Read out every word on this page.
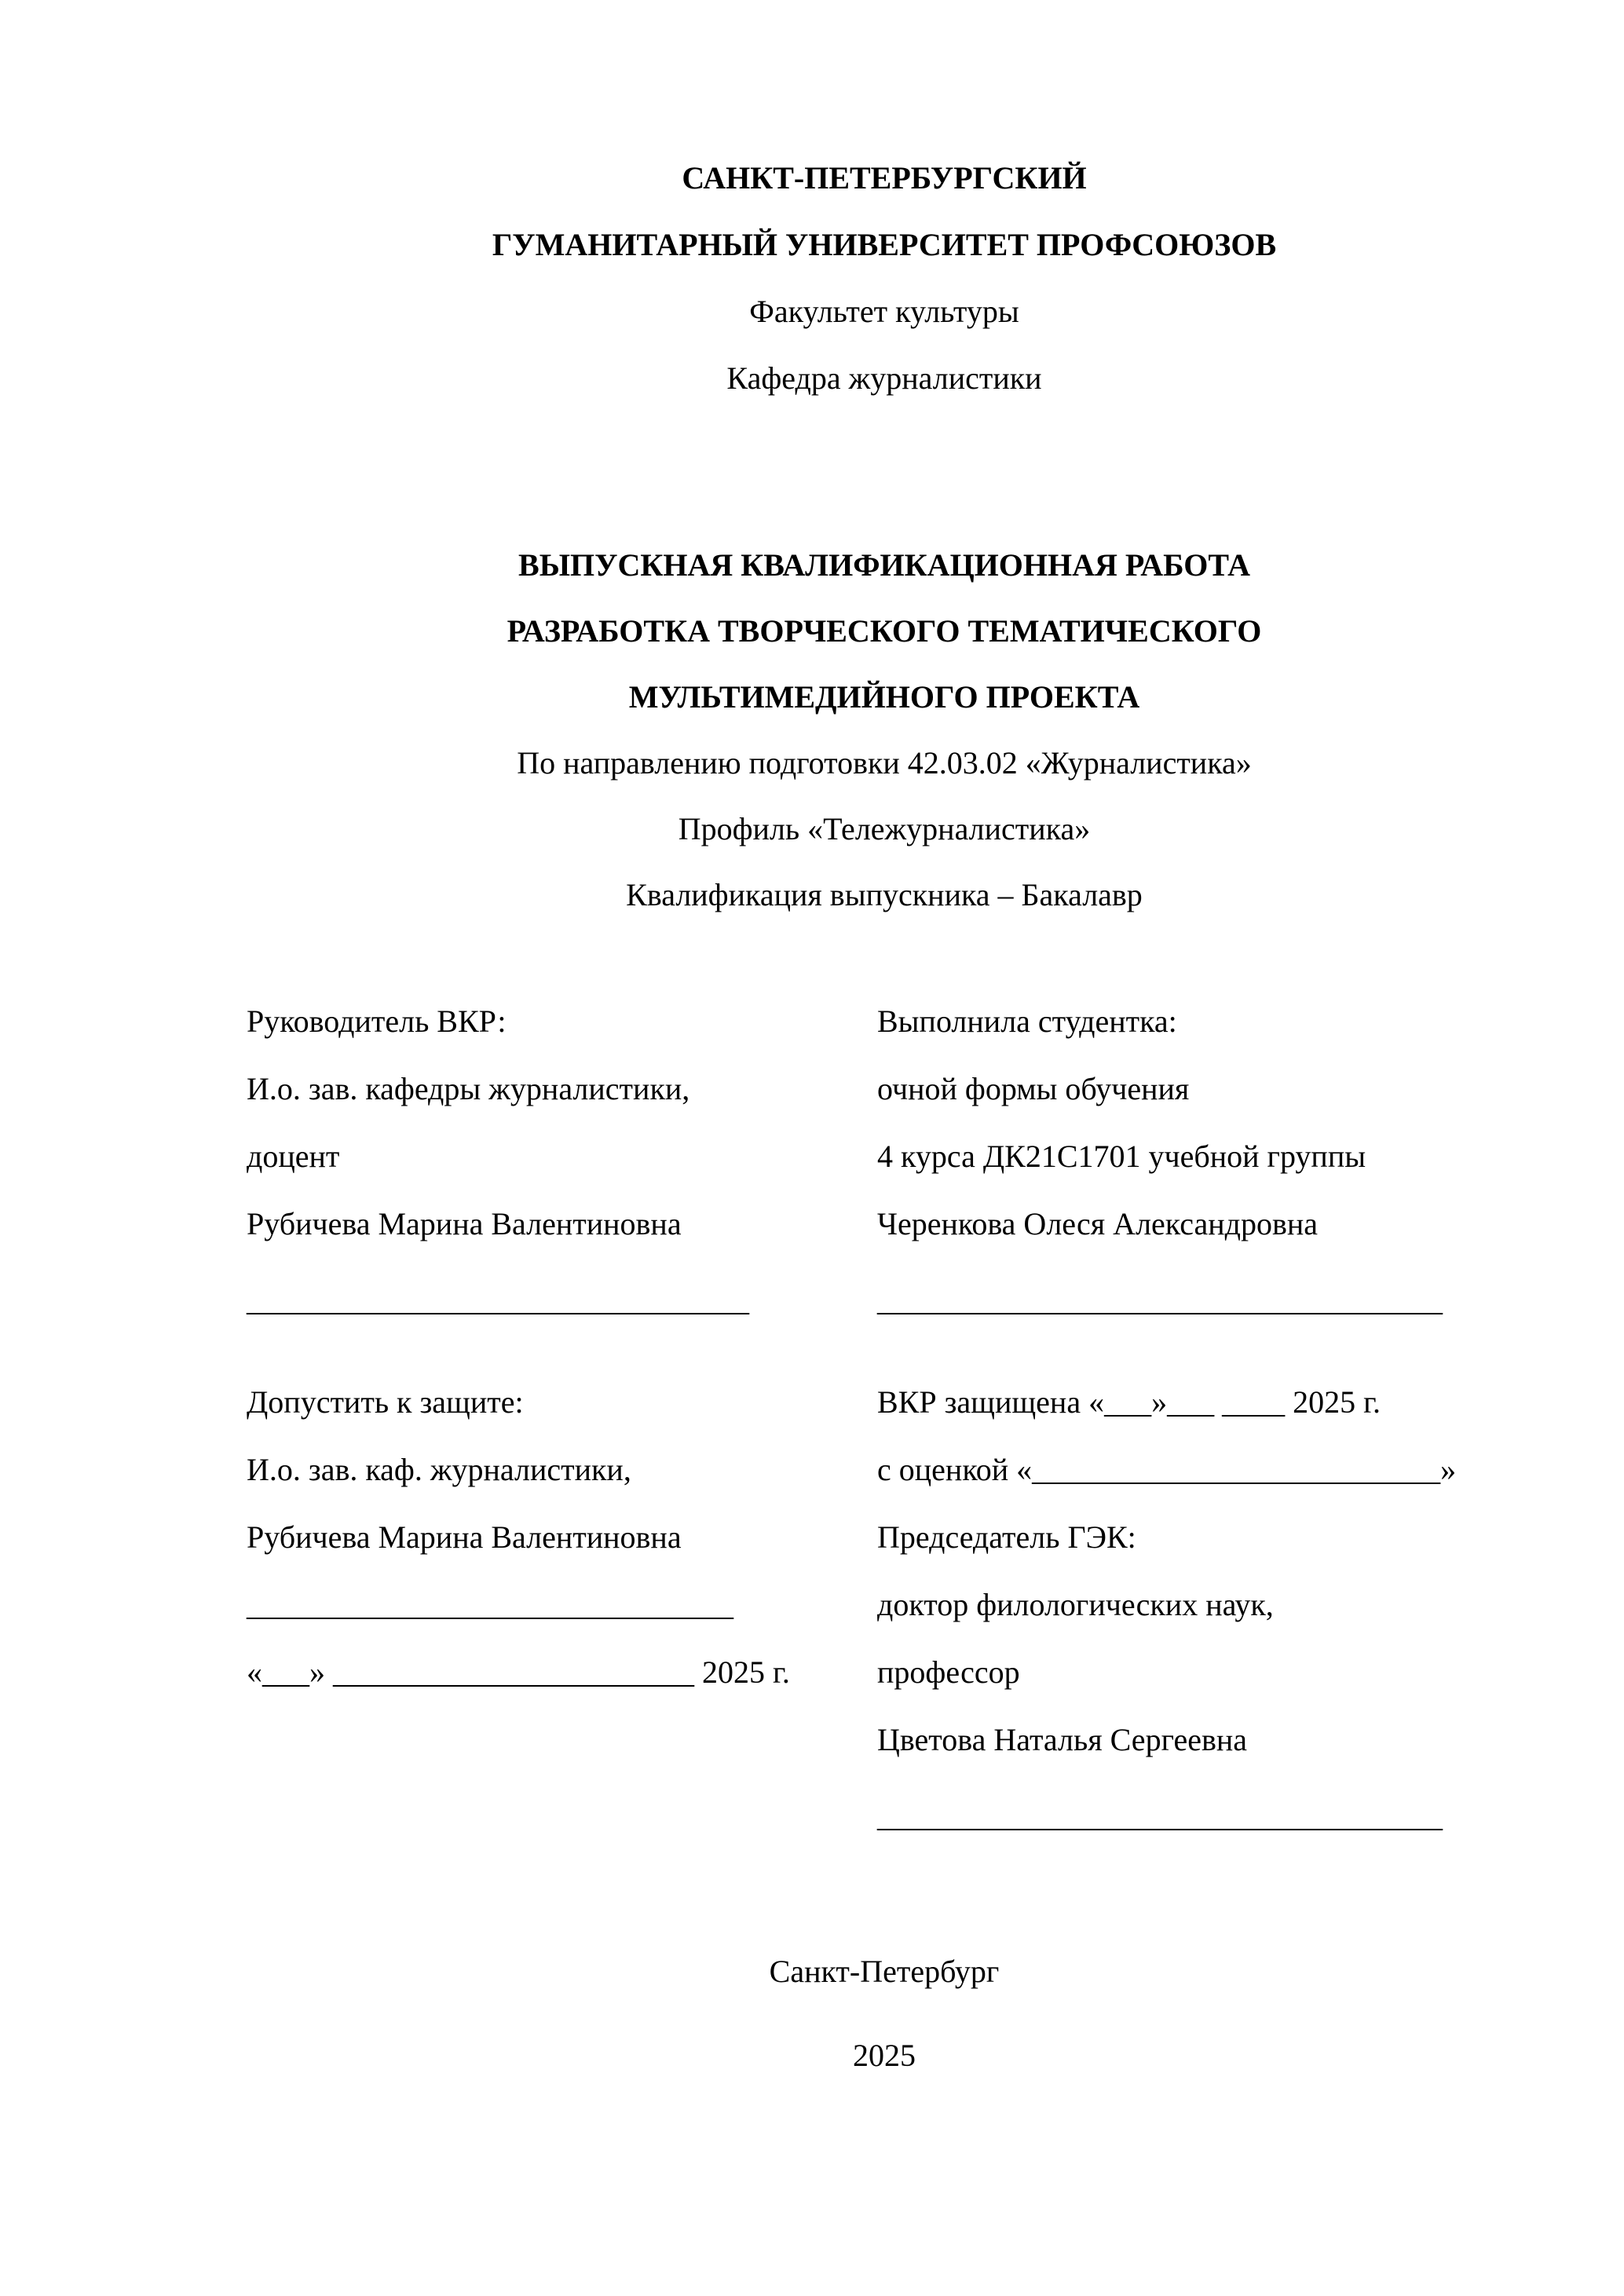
САНКТ-ПЕТЕРБУРГСКИЙ
ГУМАНИТАРНЫЙ УНИВЕРСИТЕТ ПРОФСОЮЗОВ
Факультет культуры
Кафедра журналистики
ВЫПУСКНАЯ КВАЛИФИКАЦИОННАЯ РАБОТА
РАЗРАБОТКА ТВОРЧЕСКОГО ТЕМАТИЧЕСКОГО
МУЛЬТИМЕДИЙНОГО ПРОЕКТА
По направлению подготовки 42.03.02 «Журналистика»
Профиль «Тележурналистика»
Квалификация выпускника – Бакалавр
Руководитель ВКР:
И.о. зав. кафедры журналистики,
доцент
Рубичева Марина Валентиновна
________________________________
Допустить к защите:
И.о. зав. каф. журналистики,
Рубичева Марина Валентиновна
_______________________________
«___» _______________________ 2025 г.
Выполнила студентка:
очной формы обучения
4 курса ДК21С1701 учебной группы
Черенкова Олеся Александровна
____________________________________
ВКР защищена «___»___ ____ 2025 г.
с оценкой «__________________________»
Председатель ГЭК:
доктор филологических наук,
профессор
Цветова Наталья Сергеевна
____________________________________
Санкт-Петербург
2025
